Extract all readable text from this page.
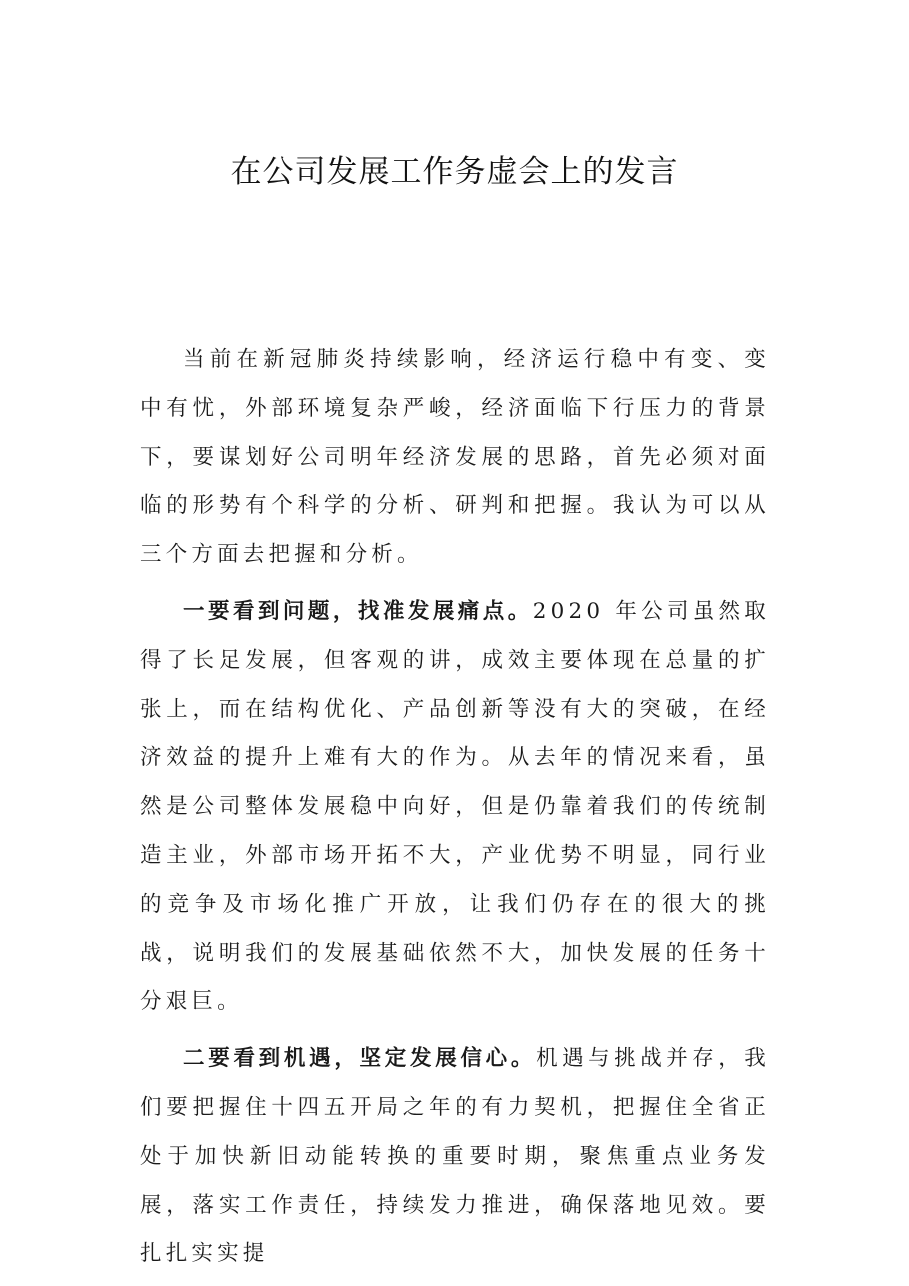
在公司发展工作务虚会上的发言

当前在新冠肺炎持续影响，经济运行稳中有变、变中有忧，外部环境复杂严峻，经济面临下行压力的背景下，要谋划好公司明年经济发展的思路，首先必须对面临的形势有个科学的分析、研判和把握。我认为可以从三个方面去把握和分析。

一要看到问题，找准发展痛点。2020 年公司虽然取得了长足发展，但客观的讲，成效主要体现在总量的扩张上，而在结构优化、产品创新等没有大的突破，在经济效益的提升上难有大的作为。从去年的情况来看，虽然是公司整体发展稳中向好，但是仍靠着我们的传统制造主业，外部市场开拓不大，产业优势不明显，同行业的竞争及市场化推广开放，让我们仍存在的很大的挑战，说明我们的发展基础依然不大，加快发展的任务十分艰巨。

二要看到机遇，坚定发展信心。机遇与挑战并存，我们要把握住十四五开局之年的有力契机，把握住全省正处于加快新旧动能转换的重要时期，聚焦重点业务发展，落实工作责任，持续发力推进，确保落地见效。要扎扎实实提
